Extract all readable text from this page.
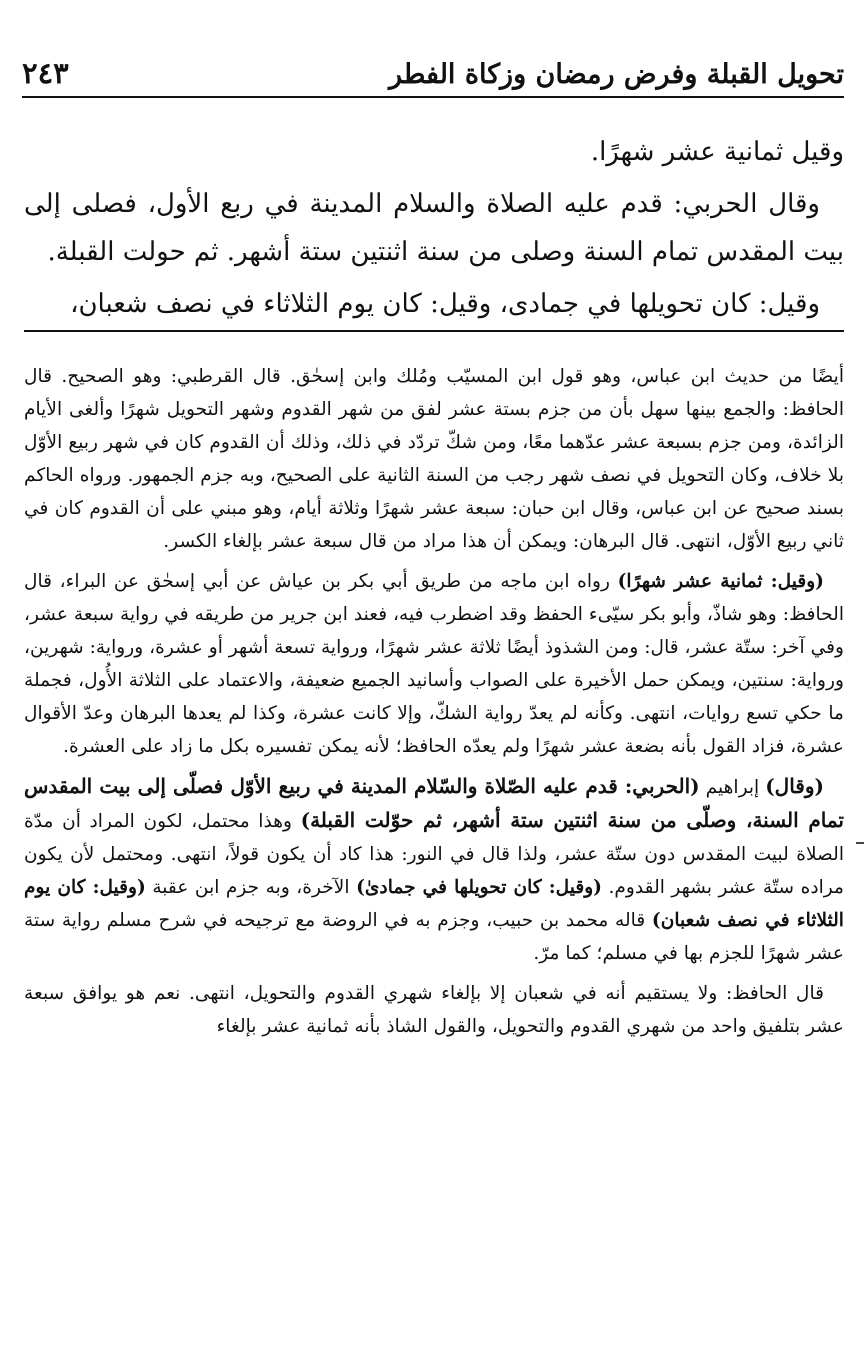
تحويل القبلة وفرض رمضان وزكاة الفطر
٢٤٣

وقيل ثمانية عشر شهرًا.

وقال الحربي: قدم عليه الصلاة والسلام المدينة في ربع الأول، فصلى إلى بيت المقدس تمام السنة وصلى من سنة اثنتين ستة أشهر. ثم حولت القبلة.

وقيل: كان تحويلها في جمادى، وقيل: كان يوم الثلاثاء في نصف شعبان،

أيضًا من حديث ابن عباس، وهو قول ابن المسيّب ومُلك وابن إسحٰق. قال القرطبي: وهو الصحيح. قال الحافظ: والجمع بينها سهل بأن من جزم بستة عشر لفق من شهر القدوم وشهر التحويل شهرًا وألغى الأيام الزائدة، ومن جزم بسبعة عشر عدّهما معًا، ومن شكّ تردّد في ذلك، وذلك أن القدوم كان في شهر ربيع الأوّل بلا خلاف، وكان التحويل في نصف شهر رجب من السنة الثانية على الصحيح، وبه جزم الجمهور. ورواه الحاكم بسند صحيح عن ابن عباس، وقال ابن حبان: سبعة عشر شهرًا وثلاثة أيام، وهو مبني على أن القدوم كان في ثاني ربيع الأوّل، انتهى. قال البرهان: ويمكن أن هذا مراد من قال سبعة عشر بإلغاء الكسر.

(وقيل: ثمانية عشر شهرًا) رواه ابن ماجه من طريق أبي بكر بن عياش عن أبي إسحٰق عن البراء، قال الحافظ: وهو شاذّ، وأبو بكر سيّىء الحفظ وقد اضطرب فيه، فعند ابن جرير من طريقه في رواية سبعة عشر، وفي آخر: ستّة عشر، قال: ومن الشذوذ أيضًا ثلاثة عشر شهرًا، ورواية تسعة أشهر أو عشرة، ورواية: شهرين، ورواية: سنتين، ويمكن حمل الأخيرة على الصواب وأسانيد الجميع ضعيفة، والاعتماد على الثلاثة الأُول، فجملة ما حكي تسع روايات، انتهى. وكأنه لم يعدّ رواية الشكّ، وإلا كانت عشرة، وكذا لم يعدها البرهان وعدّ الأقوال عشرة، فزاد القول بأنه بضعة عشر شهرًا ولم يعدّه الحافظ؛ لأنه يمكن تفسيره بكل ما زاد على العشرة.

(وقال) إبراهيم (الحربي: قدم عليه الصّلاة والسّلام المدينة في ربيع الأوّل فصلّى إلى بيت المقدس تمام السنة، وصلّى من سنة اثنتين ستة أشهر، ثم حوّلت القبلة) وهذا محتمل، لكون المراد أن مدّة الصلاة لبيت المقدس دون ستّة عشر، ولذا قال في النور: هذا كاد أن يكون قولاً، انتهى. ومحتمل لأن يكون مراده ستّة عشر بشهر القدوم. (وقيل: كان تحويلها في جمادىٰ) الآخرة، وبه جزم ابن عقبة (وقيل: كان يوم الثلاثاء في نصف شعبان) قاله محمد بن حبيب، وجزم به في الروضة مع ترجيحه في شرح مسلم رواية ستة عشر شهرًا للجزم بها في مسلم؛ كما مرّ.

قال الحافظ: ولا يستقيم أنه في شعبان إلا بإلغاء شهري القدوم والتحويل، انتهى. نعم هو يوافق سبعة عشر بتلفيق واحد من شهري القدوم والتحويل، والقول الشاذ بأنه ثمانية عشر بإلغاء
